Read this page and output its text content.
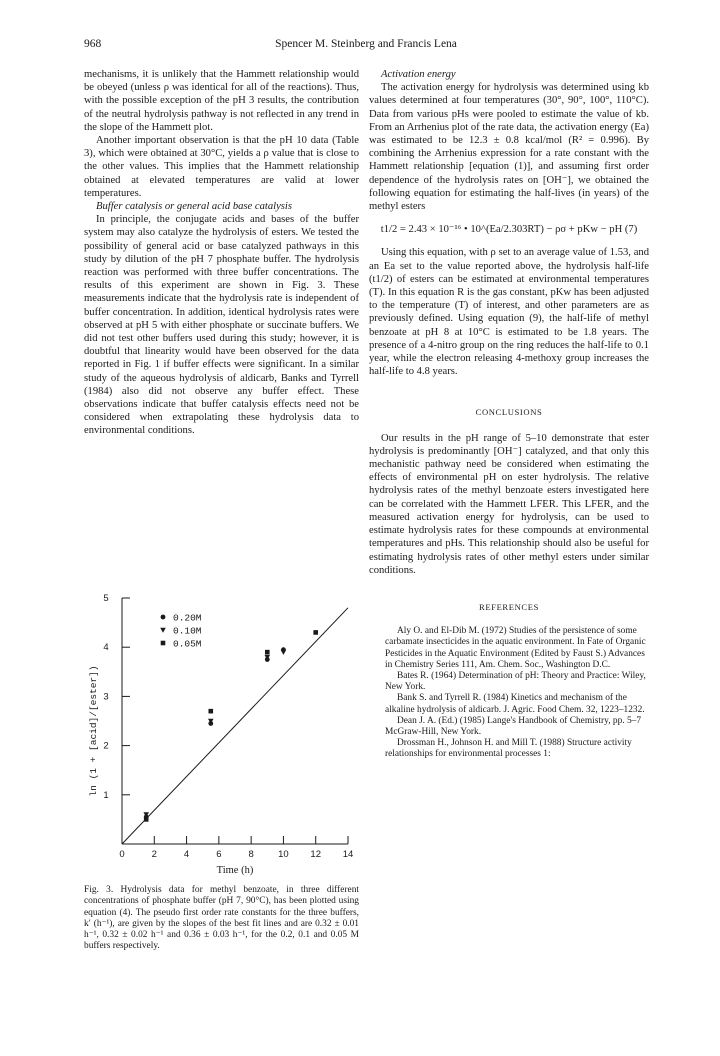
968	Spencer M. Steinberg and Francis Lena

mechanisms, it is unlikely that the Hammett relationship would be obeyed (unless ρ was identical for all of the reactions). Thus, with the possible exception of the pH 3 results, the contribution of the neutral hydrolysis pathway is not reflected in any trend in the slope of the Hammett plot.

Another important observation is that the pH 10 data (Table 3), which were obtained at 30°C, yields a ρ value that is close to the other values. This implies that the Hammett relationship obtained at elevated temperatures are valid at lower temperatures.

Buffer catalysis or general acid base catalysis

In principle, the conjugate acids and bases of the buffer system may also catalyze the hydrolysis of esters. We tested the possibility of general acid or base catalyzed pathways in this study by dilution of the pH 7 phosphate buffer. The hydrolysis reaction was performed with three buffer concentrations. The results of this experiment are shown in Fig. 3. These measurements indicate that the hydrolysis rate is independent of buffer concentration. In addition, identical hydrolysis rates were observed at pH 5 with either phosphate or succinate buffers. We did not test other buffers used during this study; however, it is doubtful that linearity would have been observed for the data reported in Fig. 1 if buffer effects were significant. In a similar study of the aqueous hydrolysis of aldicarb, Banks and Tyrrell (1984) also did not observe any buffer effect. These observations indicate that buffer catalysis effects need not be considered when extrapolating these hydrolysis data to environmental conditions.

0	2	4	6	8	10 12 14
1
2
3
4
5
0.20M
0.10M
0.05M
Time (h)
ln (1 + [acid]/[ester])
Fig. 3. Hydrolysis data for methyl benzoate, in three different concentrations of phosphate buffer (pH 7, 90°C), has been plotted using equation (4). The pseudo first order rate constants for the three buffers, k′ (h⁻¹), are given by the slopes of the best fit lines and are 0.32 ± 0.01 h⁻¹, 0.32 ± 0.02 h⁻¹ and 0.36 ± 0.03 h⁻¹, for the 0.2, 0.1 and 0.05 M buffers respectively.

Activation energy

The activation energy for hydrolysis was determined using kb values determined at four temperatures (30°, 90°, 100°, 110°C). Data from various pHs were pooled to estimate the value of kb. From an Arrhenius plot of the rate data, the activation energy (Ea) was estimated to be 12.3 ± 0.8 kcal/mol (R² = 0.996). By combining the Arrhenius expression for a rate constant with the Hammett relationship [equation (1)], and assuming first order dependence of the hydrolysis rates on [OH⁻], we obtained the following equation for estimating the half-lives (in years) of the methyl esters

t1/2 = 2.43 × 10⁻¹⁶ • 10^(Ea/2.303RT) − ρσ + pKw − pH (7)

Using this equation, with ρ set to an average value of 1.53, and an Ea set to the value reported above, the hydrolysis half-life (t1/2) of esters can be estimated at environmental temperatures (T). In this equation R is the gas constant, pKw has been adjusted to the temperature (T) of interest, and other parameters are as previously defined. Using equation (9), the half-life of methyl benzoate at pH 8 at 10°C is estimated to be 1.8 years. The presence of a 4-nitro group on the ring reduces the half-life to 0.1 year, while the electron releasing 4-methoxy group increases the half-life to 4.8 years.

CONCLUSIONS

Our results in the pH range of 5–10 demonstrate that ester hydrolysis is predominantly [OH⁻] catalyzed, and that only this mechanistic pathway need be considered when estimating the effects of environmental pH on ester hydrolysis. The relative hydrolysis rates of the methyl benzoate esters investigated here can be correlated with the Hammett LFER. This LFER, and the measured activation energy for hydrolysis, can be used to estimate hydrolysis rates for these compounds at environmental temperatures and pHs. This relationship should also be useful for estimating hydrolysis rates of other methyl esters under similar conditions.

REFERENCES

Aly O. and El-Dib M. (1972) Studies of the persistence of some carbamate insecticides in the aquatic environment. In Fate of Organic Pesticides in the Aquatic Environment (Edited by Faust S.) Advances in Chemistry Series 111, Am. Chem. Soc., Washington D.C.

Bates R. (1964) Determination of pH: Theory and Practice: Wiley, New York.

Bank S. and Tyrrell R. (1984) Kinetics and mechanism of the alkaline hydrolysis of aldicarb. J. Agric. Food Chem. 32, 1223–1232.

Dean J. A. (Ed.) (1985) Lange's Handbook of Chemistry, pp. 5–7 McGraw-Hill, New York.

Drossman H., Johnson H. and Mill T. (1988) Structure activity relationships for environmental processes 1:
